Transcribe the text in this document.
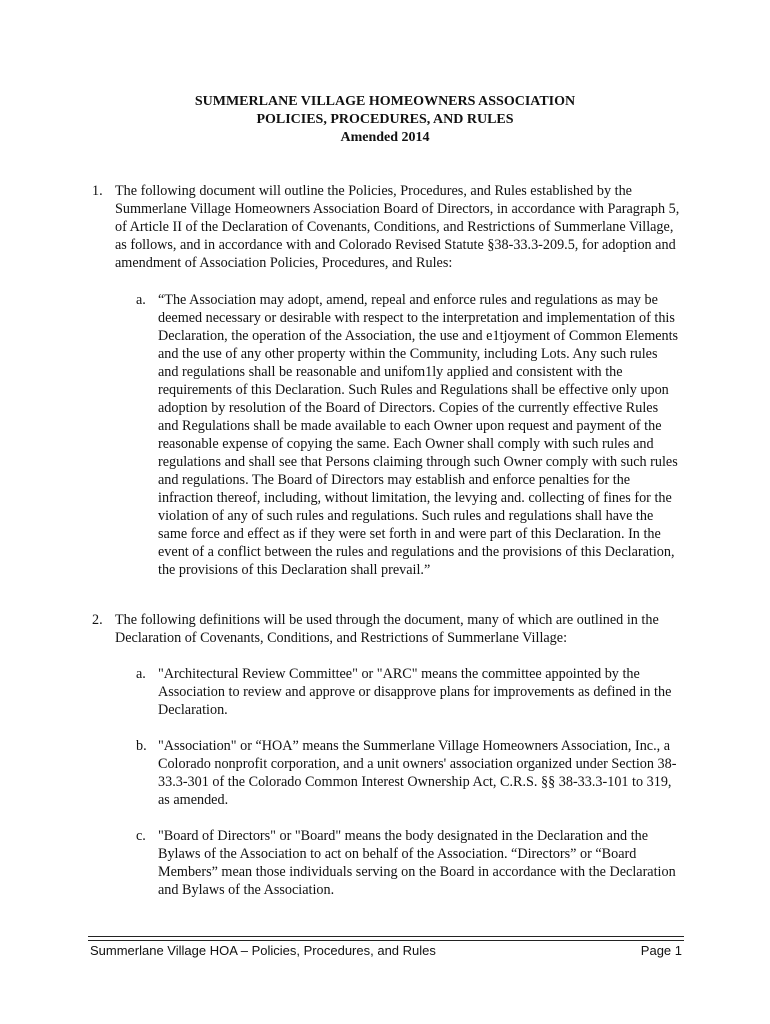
SUMMERLANE VILLAGE HOMEOWNERS ASSOCIATION
POLICIES, PROCEDURES, AND RULES
Amended 2014
1. The following document will outline the Policies, Procedures, and Rules established by the Summerlane Village Homeowners Association Board of Directors, in accordance with Paragraph 5, of Article II of the Declaration of Covenants, Conditions, and Restrictions of Summerlane Village, as follows, and in accordance with and Colorado Revised Statute §38-33.3-209.5, for adoption and amendment of Association Policies, Procedures, and Rules:
a. “The Association may adopt, amend, repeal and enforce rules and regulations as may be deemed necessary or desirable with respect to the interpretation and implementation of this Declaration, the operation of the Association, the use and e1tjoyment of Common Elements and the use of any other property within the Community, including Lots. Any such rules and regulations shall be reasonable and unifom1ly applied and consistent with the requirements of this Declaration. Such Rules and Regulations shall be effective only upon adoption by resolution of the Board of Directors. Copies of the currently effective Rules and Regulations shall be made available to each Owner upon request and payment of the reasonable expense of copying the same. Each Owner shall comply with such rules and regulations and shall see that Persons claiming through such Owner comply with such rules and regulations. The Board of Directors may establish and enforce penalties for the infraction thereof, including, without limitation, the levying and. collecting of fines for the violation of any of such rules and regulations. Such rules and regulations shall have the same force and effect as if they were set forth in and were part of this Declaration. In the event of a conflict between the rules and regulations and the provisions of this Declaration, the provisions of this Declaration shall prevail.”
2. The following definitions will be used through the document, many of which are outlined in the Declaration of Covenants, Conditions, and Restrictions of Summerlane Village:
a. "Architectural Review Committee" or "ARC" means the committee appointed by the Association to review and approve or disapprove plans for improvements as defined in the Declaration.
b. "Association" or “HOA” means the Summerlane Village Homeowners Association, Inc., a Colorado nonprofit corporation, and a unit owners' association organized under Section 38-33.3-301 of the Colorado Common Interest Ownership Act, C.R.S. §§ 38-33.3-101 to 319, as amended.
c. "Board of Directors" or "Board" means the body designated in the Declaration and the Bylaws of the Association to act on behalf of the Association. “Directors” or “Board Members” mean those individuals serving on the Board in accordance with the Declaration and Bylaws of the Association.
Summerlane Village HOA – Policies, Procedures, and Rules	Page 1
